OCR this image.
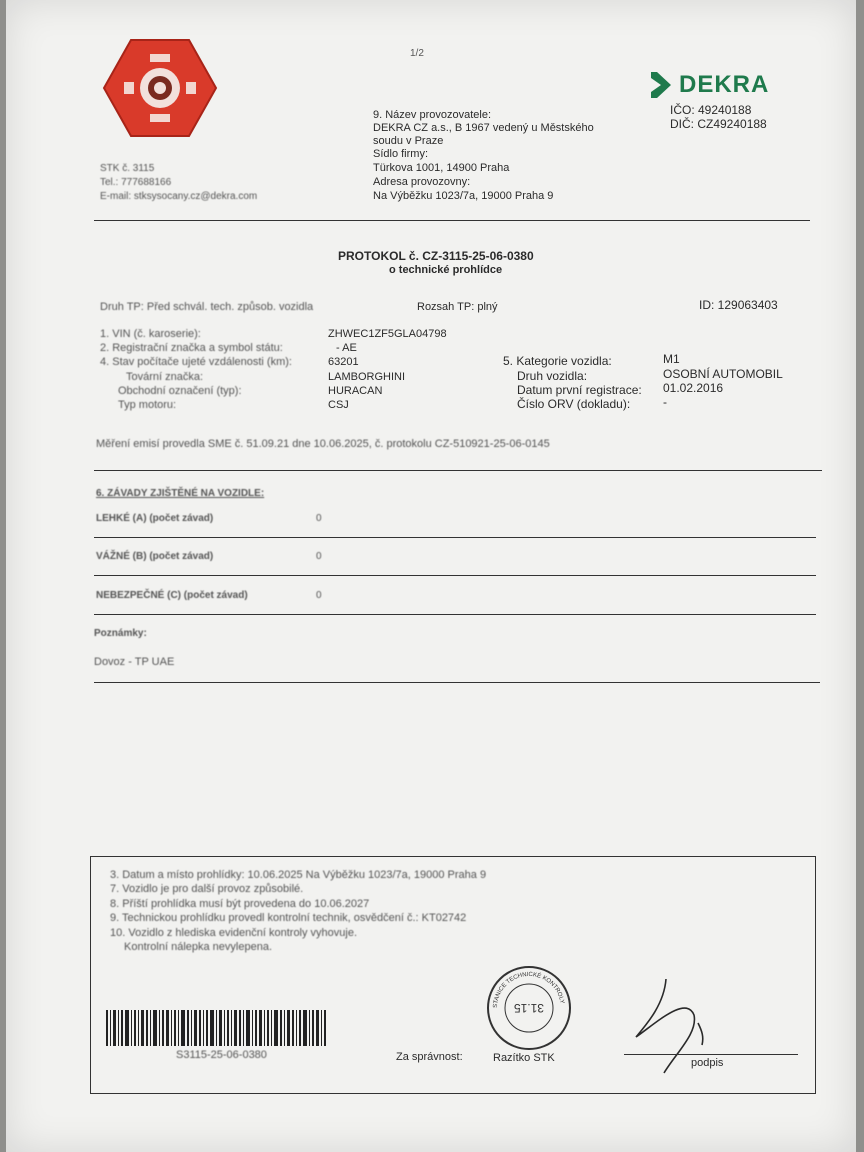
1/2
DEKRA
IČO: 49240188
DIČ: CZ49240188
9. Název provozovatele:
DEKRA CZ a.s., B 1967 vedený u Městského
soudu v Praze
Sídlo firmy:
Türkova 1001, 14900 Praha
Adresa provozovny:
Na Výběžku 1023/7a, 19000 Praha 9
STK č. 3115
Tel.: 777688166
E-mail: stksysocany.cz@dekra.com
PROTOKOL č. CZ-3115-25-06-0380
o technické prohlídce
Druh TP: Před schvál. tech. způsob. vozidla	Rozsah TP: plný	ID: 129063403
1. VIN (č. karoserie):	ZHWEC1ZF5GLA04798
2. Registrační značka a symbol státu:	- AE
4. Stav počítače ujeté vzdálenosti (km):	63201
Tovární značka:	LAMBORGHINI
Obchodní označení (typ):	HURACAN
Typ motoru:	CSJ
5. Kategorie vozidla:	M1
Druh vozidla:	OSOBNÍ AUTOMOBIL
Datum první registrace: 01.02.2016
Číslo ORV (dokladu):	-
Měření emisí provedla SME č. 51.09.21 dne 10.06.2025, č. protokolu CZ-510921-25-06-0145
6. ZÁVADY ZJIŠTĚNÉ NA VOZIDLE:
LEHKÉ (A) (počet závad)	0
VÁŽNÉ (B) (počet závad)	0
NEBEZPEČNÉ (C) (počet závad)	0
Poznámky:
Dovoz - TP UAE
3. Datum a místo prohlídky: 10.06.2025 Na Výběžku 1023/7a, 19000 Praha 9
7. Vozidlo je pro další provoz způsobilé.
8. Příští prohlídka musí být provedena do 10.06.2027
9. Technickou prohlídku provedl kontrolní technik, osvědčení č.: KT02742
10. Vozidlo z hlediska evidenční kontroly vyhovuje.
Kontrolní nálepka nevylepena.
S3115-25-06-0380	Za správnost:
STANICE TECHNICKÉ KONTROLY
31.15
Razítko STK	podpis
